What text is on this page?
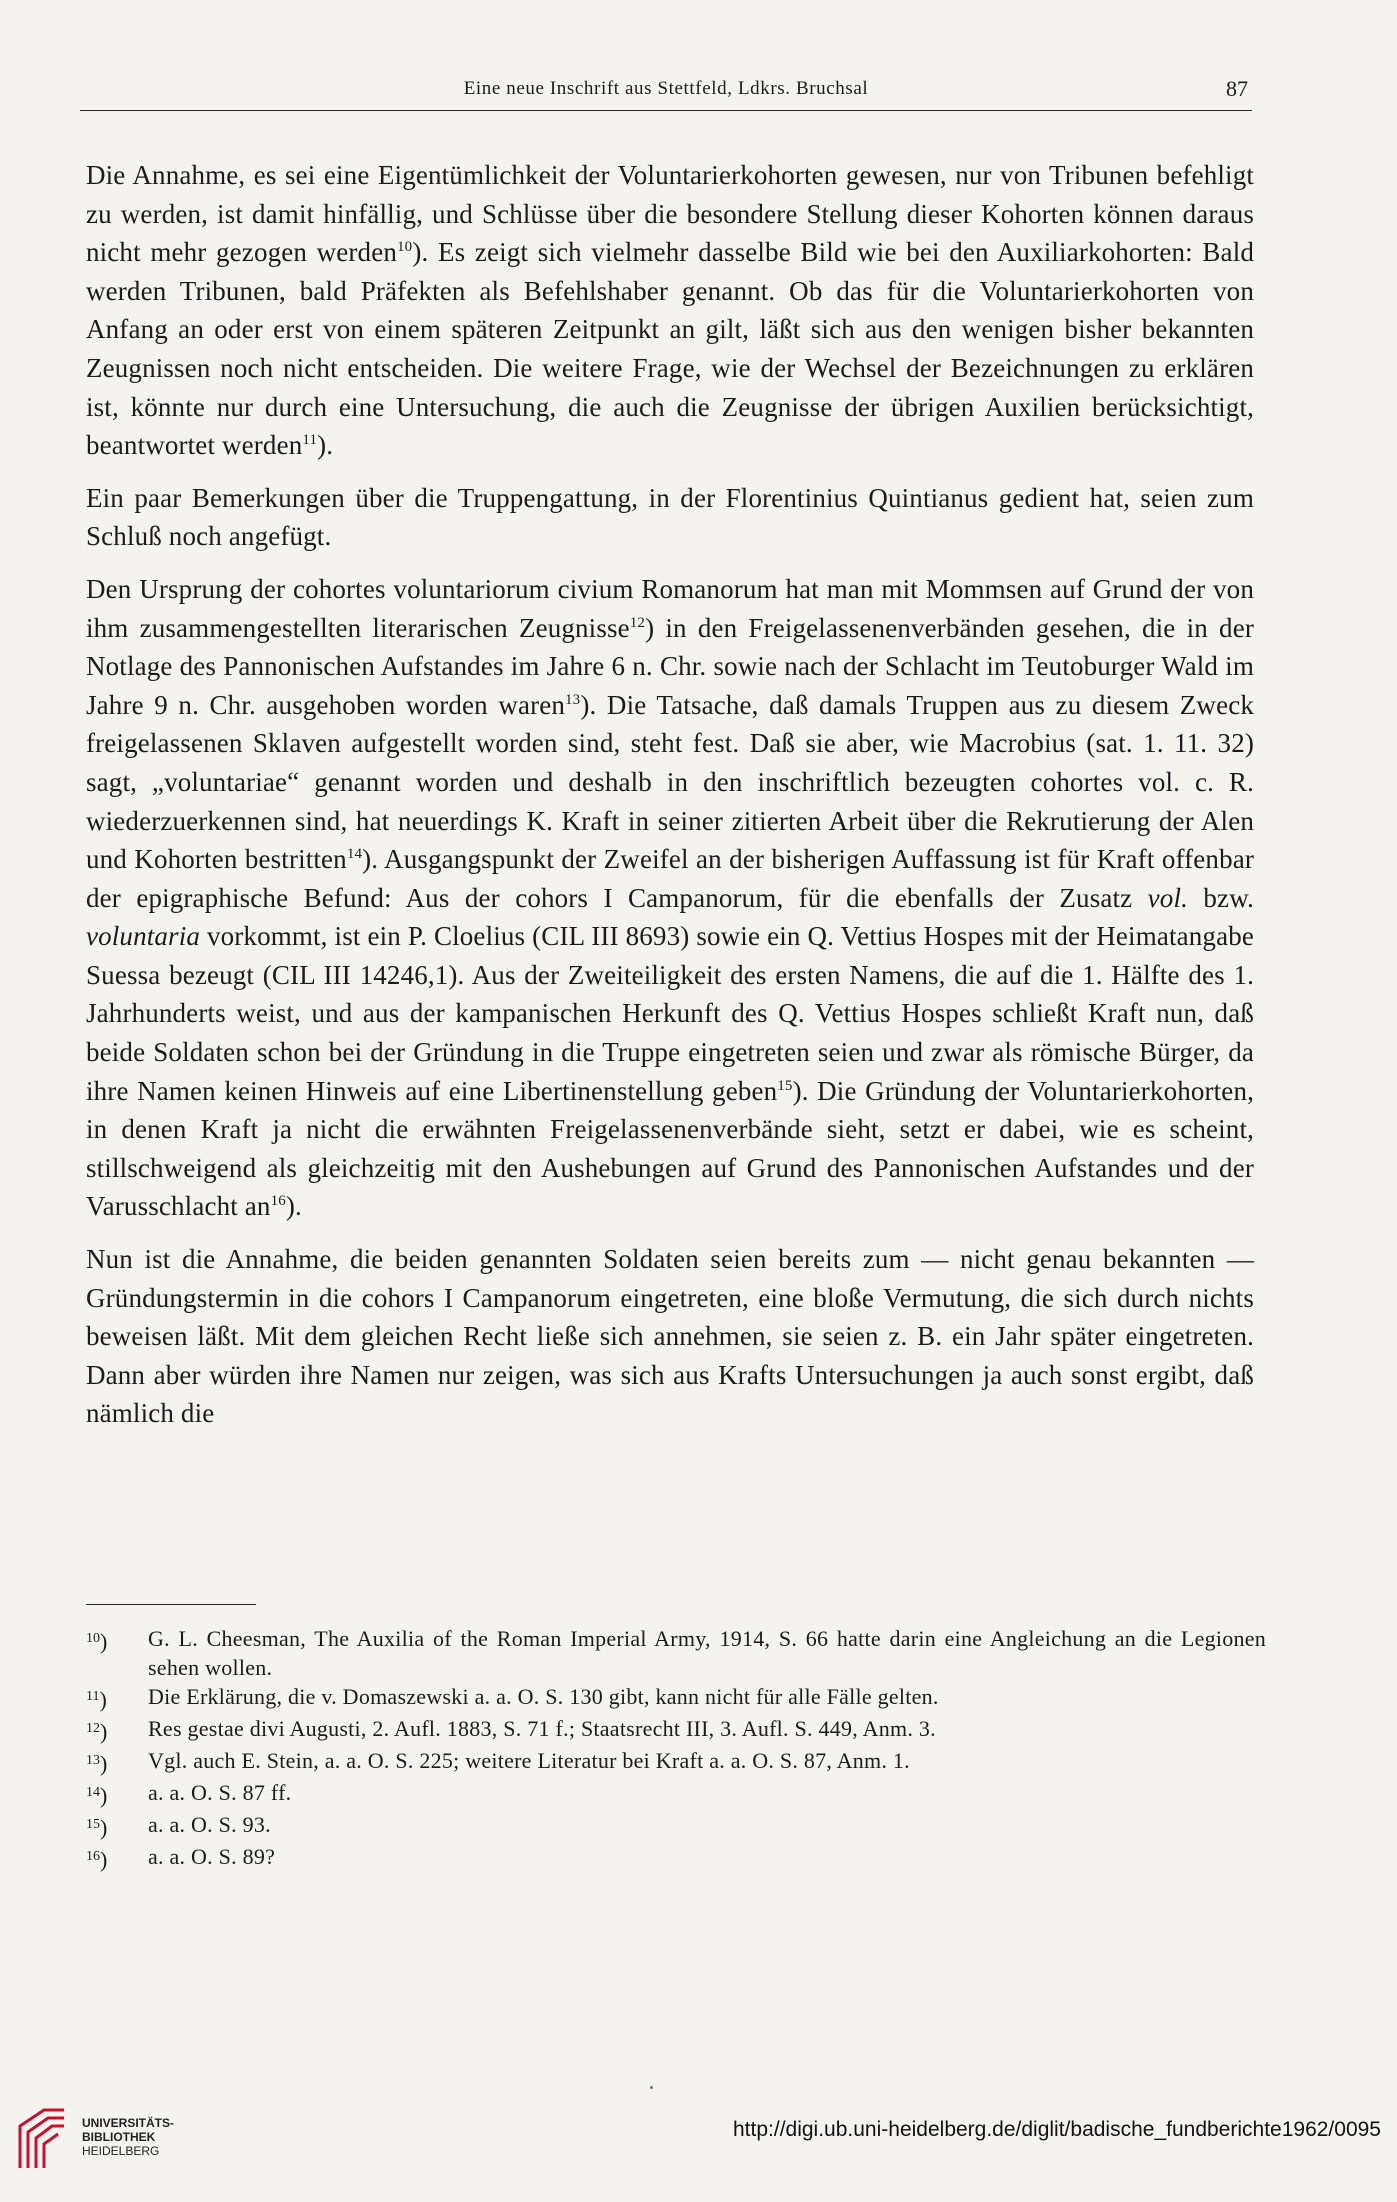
Eine neue Inschrift aus Stettfeld, Ldkrs. Bruchsal	87

Die Annahme, es sei eine Eigentümlichkeit der Voluntarierkohorten gewesen, nur von Tribunen befehligt zu werden, ist damit hinfällig, und Schlüsse über die besondere Stellung dieser Kohorten können daraus nicht mehr gezogen werden$^{10}$). Es zeigt sich vielmehr dasselbe Bild wie bei den Auxiliarkohorten: Bald werden Tribunen, bald Präfekten als Befehlshaber genannt. Ob das für die Voluntarierkohorten von Anfang an oder erst von einem späteren Zeitpunkt an gilt, läßt sich aus den wenigen bisher bekannten Zeugnissen noch nicht entscheiden. Die weitere Frage, wie der Wechsel der Bezeichnungen zu erklären ist, könnte nur durch eine Untersuchung, die auch die Zeugnisse der übrigen Auxilien berücksichtigt, beantwortet werden$^{11}$).

Ein paar Bemerkungen über die Truppengattung, in der Florentinius Quintianus gedient hat, seien zum Schluß noch angefügt.

Den Ursprung der cohortes voluntariorum civium Romanorum hat man mit Mommsen auf Grund der von ihm zusammengestellten literarischen Zeugnisse$^{12}$) in den Freigelassenenverbänden gesehen, die in der Notlage des Pannonischen Aufstandes im Jahre 6 n. Chr. sowie nach der Schlacht im Teutoburger Wald im Jahre 9 n. Chr. ausgehoben worden waren$^{13}$). Die Tatsache, daß damals Truppen aus zu diesem Zweck freigelassenen Sklaven aufgestellt worden sind, steht fest. Daß sie aber, wie Macrobius (sat. 1. 11. 32) sagt, „voluntariae“ genannt worden und deshalb in den inschriftlich bezeugten cohortes vol. c. R. wiederzuerkennen sind, hat neuerdings K. Kraft in seiner zitierten Arbeit über die Rekrutierung der Alen und Kohorten bestritten$^{14}$). Ausgangspunkt der Zweifel an der bisherigen Auffassung ist für Kraft offenbar der epigraphische Befund: Aus der cohors I Campanorum, für die ebenfalls der Zusatz vol. bzw. voluntaria vorkommt, ist ein P. Cloelius (CIL III 8693) sowie ein Q. Vettius Hospes mit der Heimatangabe Suessa bezeugt (CIL III 14246,1). Aus der Zweiteiligkeit des ersten Namens, die auf die 1. Hälfte des 1. Jahrhunderts weist, und aus der kampanischen Herkunft des Q. Vettius Hospes schließt Kraft nun, daß beide Soldaten schon bei der Gründung in die Truppe eingetreten seien und zwar als römische Bürger, da ihre Namen keinen Hinweis auf eine Libertinenstellung geben$^{15}$). Die Gründung der Voluntarierkohorten, in denen Kraft ja nicht die erwähnten Freigelassenenverbände sieht, setzt er dabei, wie es scheint, stillschweigend als gleichzeitig mit den Aushebungen auf Grund des Pannonischen Aufstandes und der Varusschlacht $an^{16}$).

Nun ist die Annahme, die beiden genannten Soldaten seien bereits zum — nicht genau bekannten — Gründungstermin in die cohors I Campanorum eingetreten, eine bloße Vermutung, die sich durch nichts beweisen läßt. Mit dem gleichen Recht ließe sich annehmen, sie seien z. B. ein Jahr später eingetreten. Dann aber würden ihre Namen nur zeigen, was sich aus Krafts Untersuchungen ja auch sonst ergibt, daß nämlich die

$^{10}$)	G. L. Cheesman, The Auxilia of the Roman Imperial Army, 1914, S. 66 hatte darin eine Angleichung an die Legionen sehen wollen.
$^{11}$)	Die Erklärung, die v. Domaszewski a. a. O. S. 130 gibt, kann nicht für alle Fälle gelten.
$^{12}$)	Res gestae divi Augusti, 2. Aufl. 1883, S. 71 f.; Staatsrecht III, 3. Aufl. S. 449, Anm. 3.
$^{13}$)	Vgl. auch E. Stein, a. a. O. S. 225; weitere Literatur bei Kraft a. a. O. S. 87, Anm. 1.
$^{14}$)	a. a. O. S. 87 ff.
$^{15}$)	a. a. O. S. 93.
$^{16}$)	a. a. O. S. 89?
UNIVERSITÄTS-
BIBLIOTHEK
HEIDELBERG
http://digi.ub.uni-heidelberg.de/diglit/badische_fundberichte1962/0095
